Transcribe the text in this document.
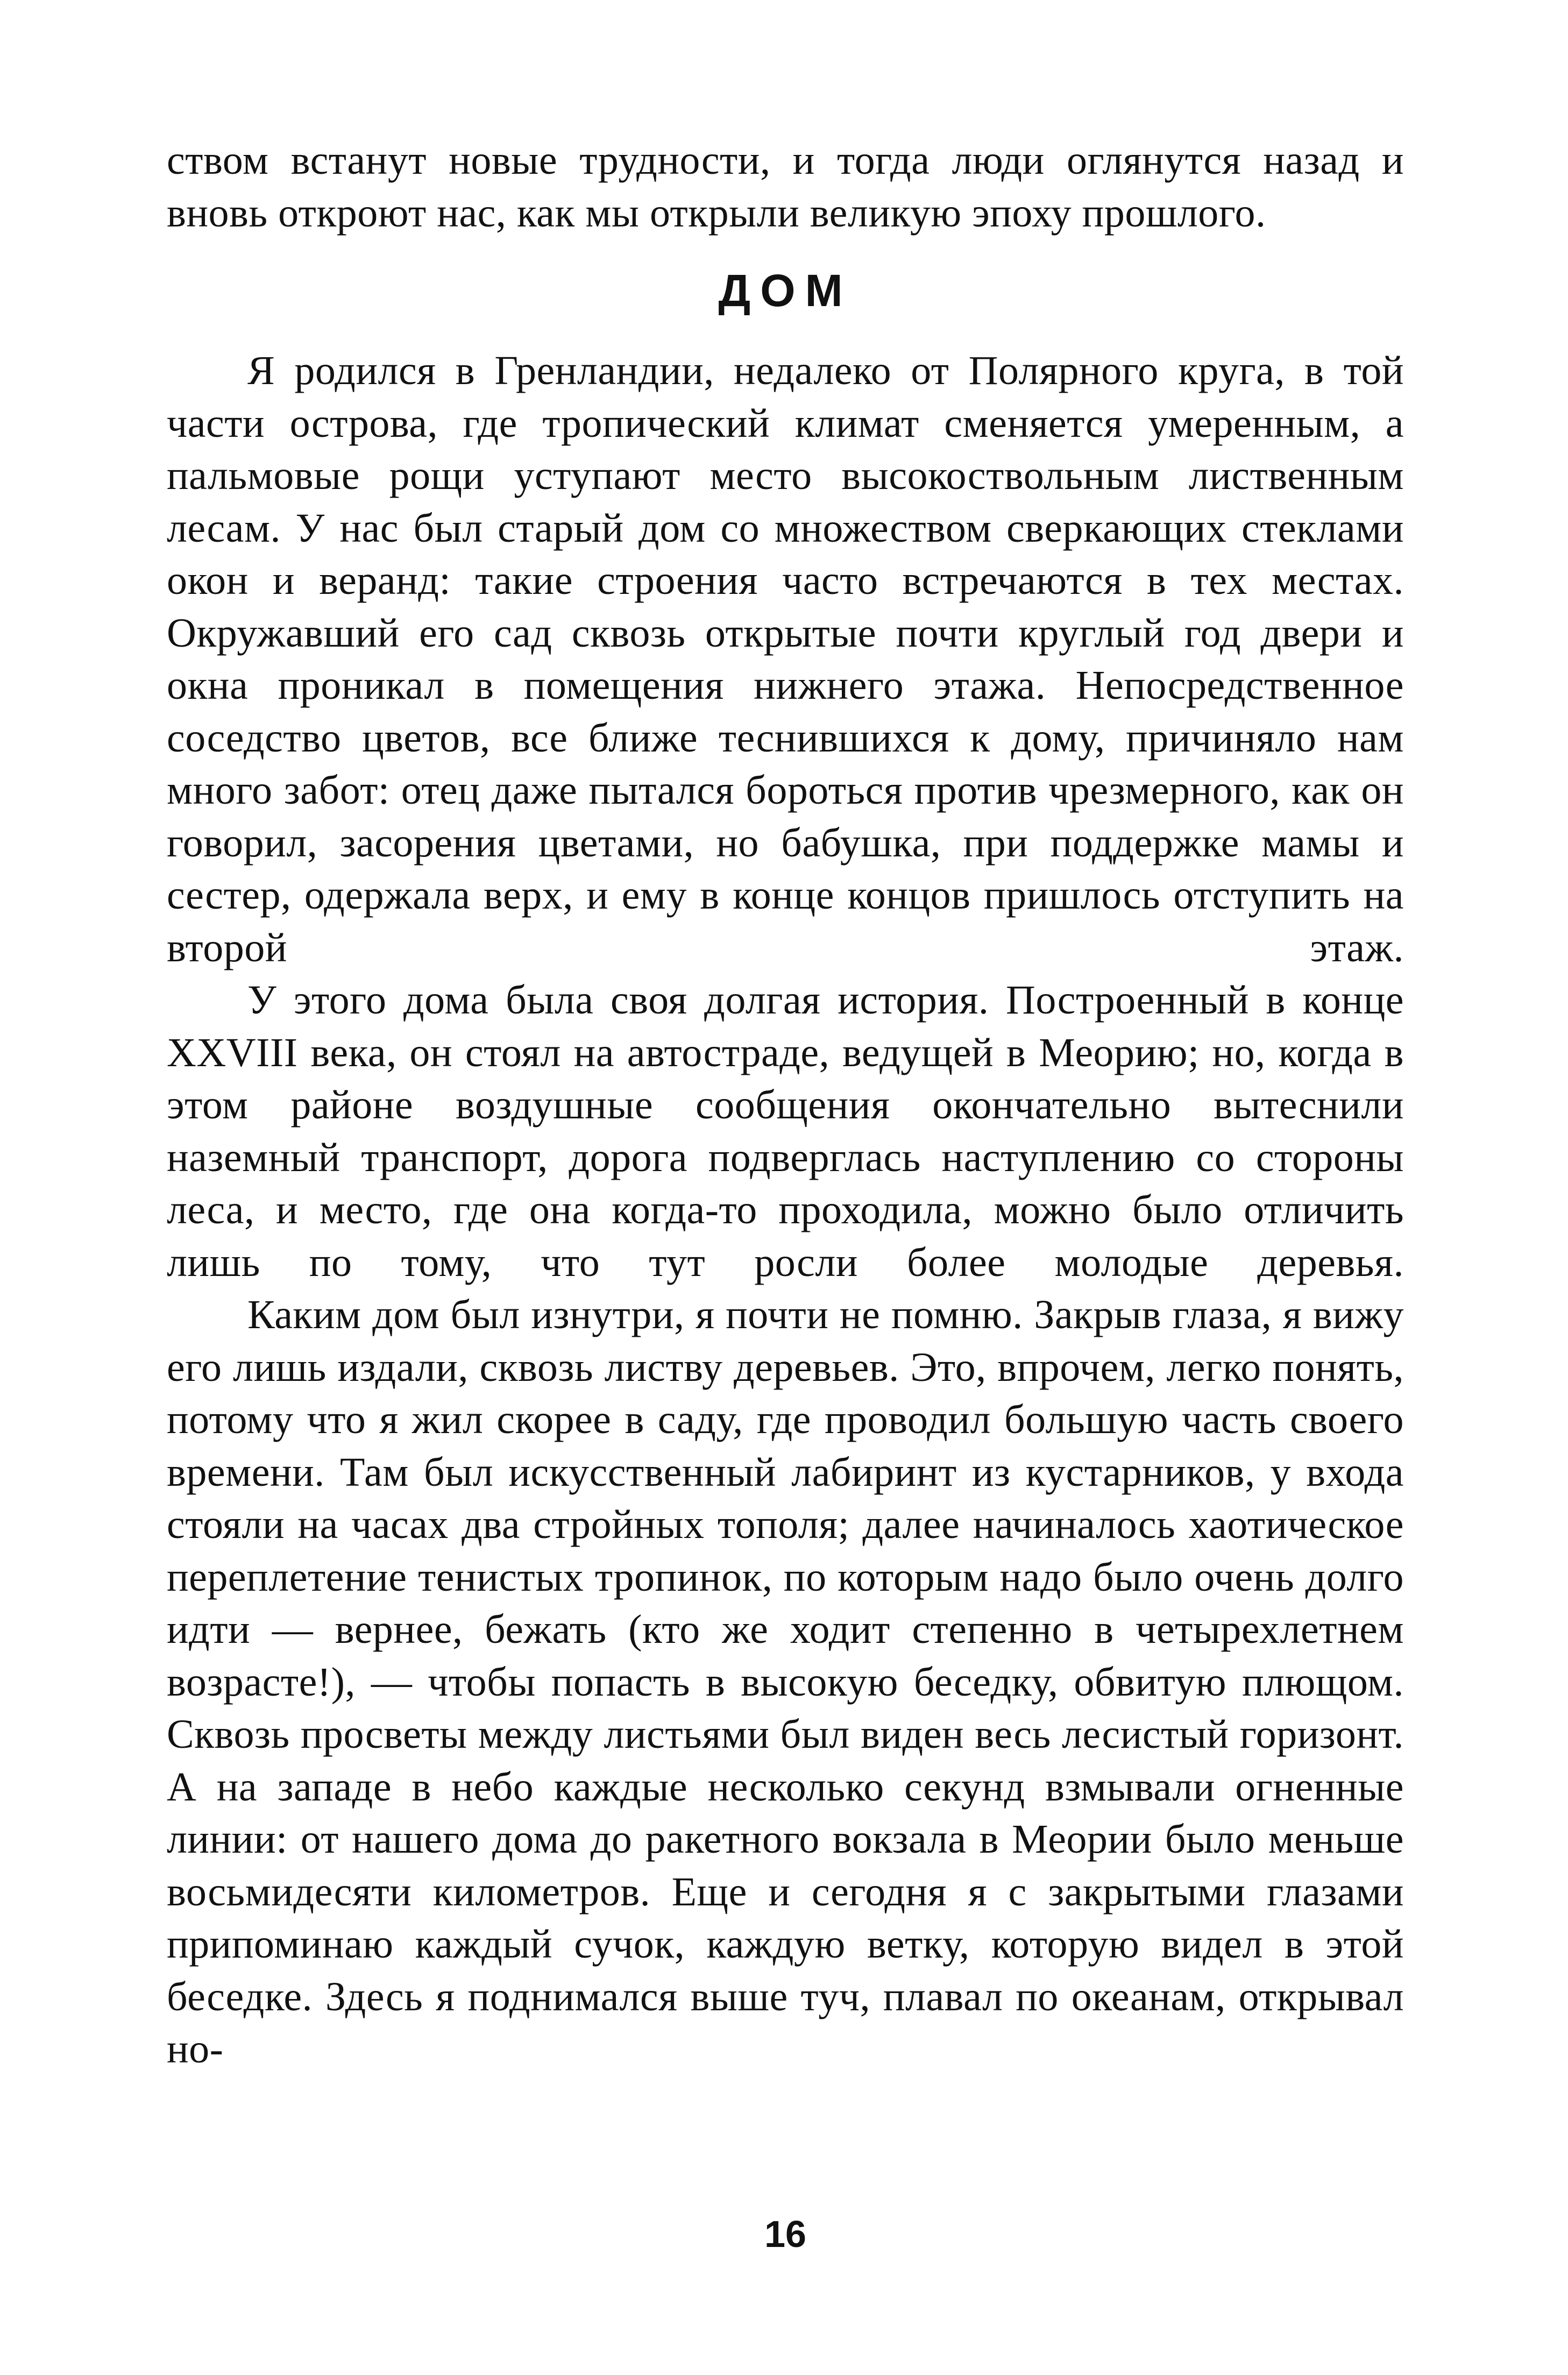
ством встанут новые трудности, и тогда люди оглянутся назад и вновь откроют нас, как мы открыли великую эпоху прошлого.

ДОМ

Я родился в Гренландии, недалеко от Полярного круга, в той части острова, где тропический климат сменяется умеренным, а пальмовые рощи уступают место высокоствольным лиственным лесам. У нас был старый дом со множеством сверкающих стеклами окон и веранд: такие строения часто встречаются в тех местах. Окружавший его сад сквозь открытые почти круглый год двери и окна проникал в помещения нижнего этажа. Непосредственное соседство цветов, все ближе теснившихся к дому, причиняло нам много забот: отец даже пытался бороться против чрезмерного, как он говорил, засорения цветами, но бабушка, при поддержке мамы и сестер, одержала верх, и ему в конце концов пришлось отступить на второй этаж.

У этого дома была своя долгая история. Построенный в конце XXVIII века, он стоял на автостраде, ведущей в Меорию; но, когда в этом районе воздушные сообщения окончательно вытеснили наземный транспорт, дорога подверглась наступлению со стороны леса, и место, где она когда-то проходила, можно было отличить лишь по тому, что тут росли более молодые деревья.

Каким дом был изнутри, я почти не помню. Закрыв глаза, я вижу его лишь издали, сквозь листву деревьев. Это, впрочем, легко понять, потому что я жил скорее в саду, где проводил большую часть своего времени. Там был искусственный лабиринт из кустарников, у входа стояли на часах два стройных тополя; далее начиналось хаотическое переплетение тенистых тропинок, по которым надо было очень долго идти — вернее, бежать (кто же ходит степенно в четырехлетнем возрасте!), — чтобы попасть в высокую беседку, обвитую плющом. Сквозь просветы между листьями был виден весь лесистый горизонт. А на западе в небо каждые несколько секунд взмывали огненные линии: от нашего дома до ракетного вокзала в Меории было меньше восьмидесяти километров. Еще и сегодня я с закрытыми глазами припоминаю каждый сучок, каждую ветку, которую видел в этой беседке. Здесь я поднимался выше туч, плавал по океанам, открывал но-

16
